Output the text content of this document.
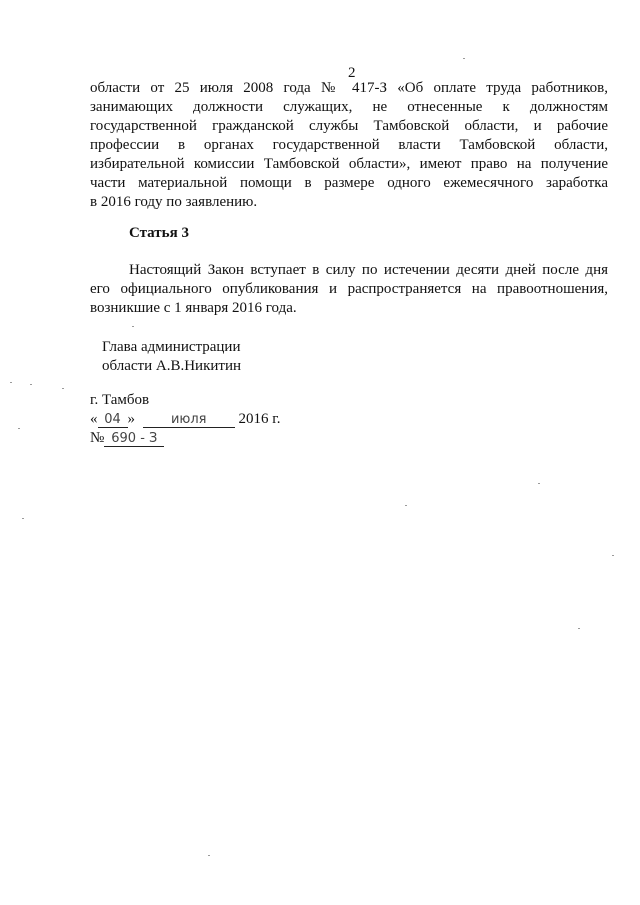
2
области от 25 июля 2008 года № 417-З «Об оплате труда работников,
занимающих должности служащих, не отнесенные к должностям
государственной гражданской службы Тамбовской области, и рабочие
профессии в органах государственной власти Тамбовской области,
избирательной комиссии Тамбовской области», имеют право на получение
части материальной помощи в размере одного ежемесячного заработка
в 2016 году по заявлению.
Статья 3
Настоящий Закон вступает в силу по истечении десяти дней после дня
его официального опубликования и распространяется на правоотношения,
возникшие с 1 января 2016 года.
Глава администрации
области А.В.Никитин
г. Тамбов
« 04 »	июля 2016 г.
№ 690 - З
